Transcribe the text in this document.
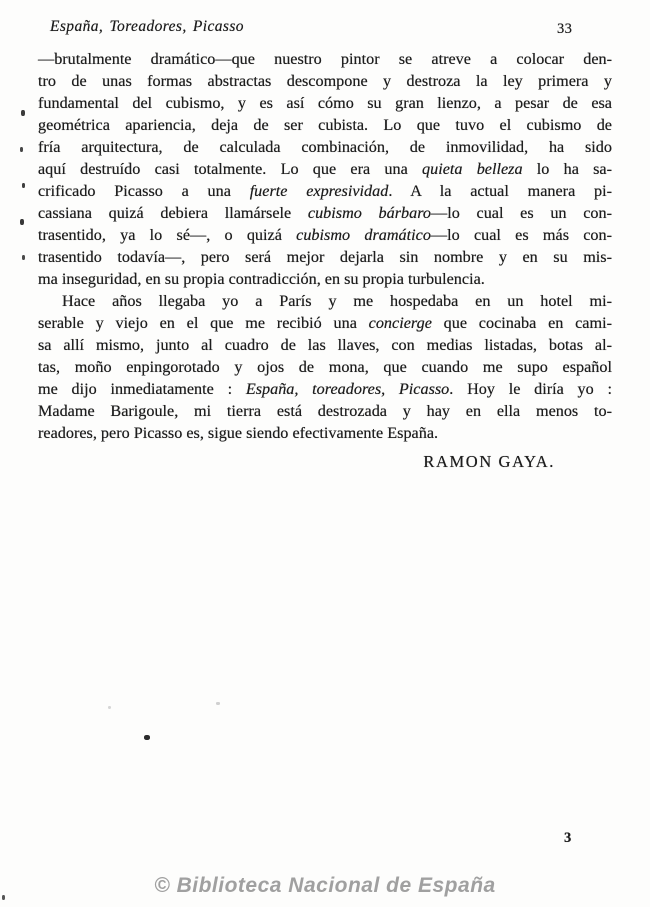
España, Toreadores, Picasso	33
—brutalmente dramático—que nuestro pintor se atreve a colocar den-
tro de unas formas abstractas descompone y destroza la ley primera y
fundamental del cubismo, y es así cómo su gran lienzo, a pesar de esa
geométrica apariencia, deja de ser cubista. Lo que tuvo el cubismo de
fría arquitectura, de calculada combinación, de inmovilidad, ha sido
aquí destruído casi totalmente. Lo que era una quieta belleza lo ha sa-
crificado Picasso a una fuerte expresividad. A la actual manera pi-
cassiana quizá debiera llamársele cubismo bárbaro—lo cual es un con-
trasentido, ya lo sé—, o quizá cubismo dramático—lo cual es más con-
trasentido todavía—, pero será mejor dejarla sin nombre y en su mis-
ma inseguridad, en su propia contradicción, en su propia turbulencia.
Hace años llegaba yo a París y me hospedaba en un hotel mi-
serable y viejo en el que me recibió una concierge que cocinaba en cami-
sa allí mismo, junto al cuadro de las llaves, con medias listadas, botas al-
tas, moño enpingorotado y ojos de mona, que cuando me supo español
me dijo inmediatamente : España, toreadores, Picasso. Hoy le diría yo :
Madame Barigoule, mi tierra está destrozada y hay en ella menos to-
readores, pero Picasso es, sigue siendo efectivamente España.
RAMON GAYA.
3
© Biblioteca Nacional de España
